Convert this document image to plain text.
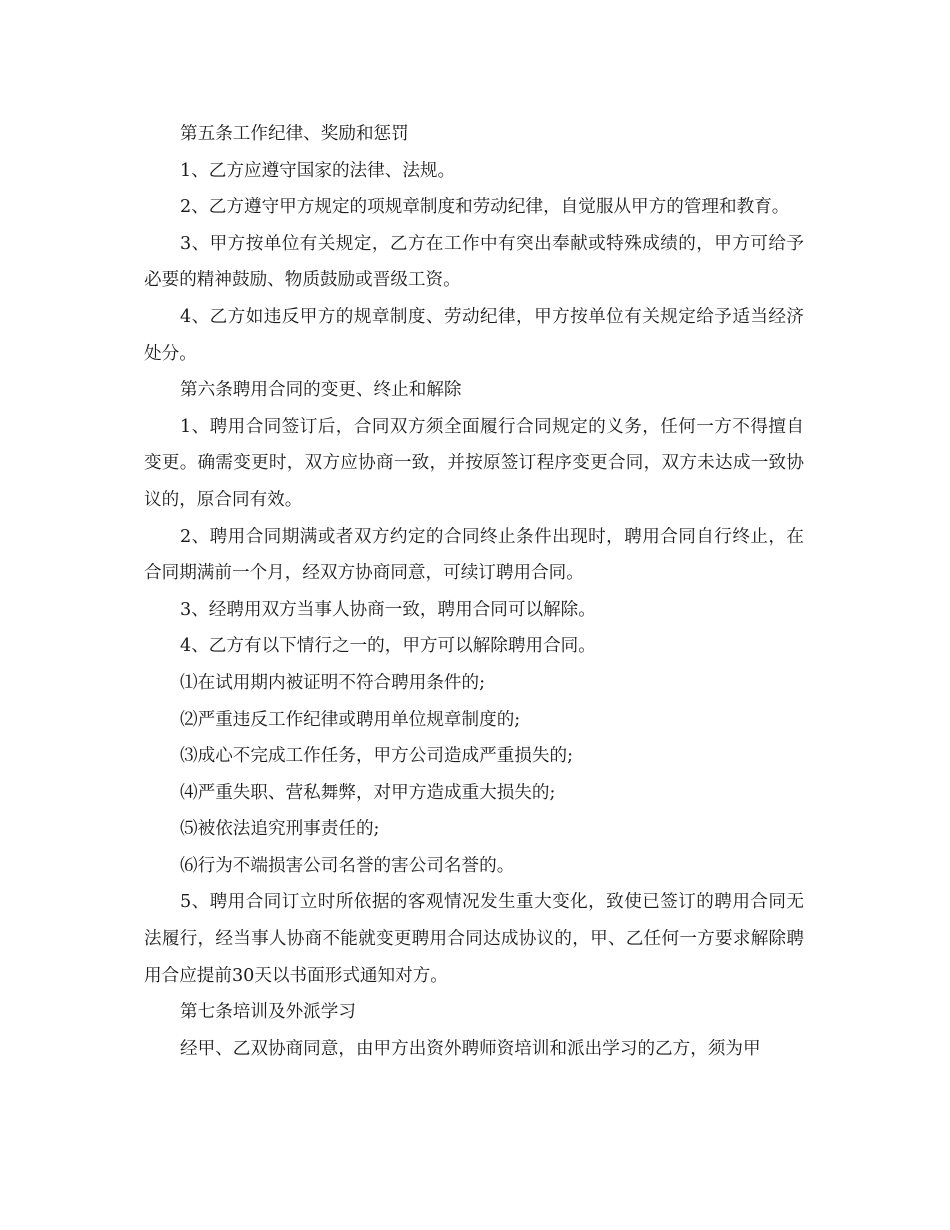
第五条工作纪律、奖励和惩罚

1、乙方应遵守国家的法律、法规。

2、乙方遵守甲方规定的项规章制度和劳动纪律，自觉服从甲方的管理和教育。

3、甲方按单位有关规定，乙方在工作中有突出奉献或特殊成绩的，甲方可给予必要的精神鼓励、物质鼓励或晋级工资。

4、乙方如违反甲方的规章制度、劳动纪律，甲方按单位有关规定给予适当经济处分。

第六条聘用合同的变更、终止和解除

1、聘用合同签订后，合同双方须全面履行合同规定的义务，任何一方不得擅自变更。确需变更时，双方应协商一致，并按原签订程序变更合同，双方未达成一致协议的，原合同有效。

2、聘用合同期满或者双方约定的合同终止条件出现时，聘用合同自行终止，在合同期满前一个月，经双方协商同意，可续订聘用合同。

3、经聘用双方当事人协商一致，聘用合同可以解除。

4、乙方有以下情行之一的，甲方可以解除聘用合同。

⑴在试用期内被证明不符合聘用条件的;

⑵严重违反工作纪律或聘用单位规章制度的;

⑶成心不完成工作任务，甲方公司造成严重损失的;

⑷严重失职、营私舞弊，对甲方造成重大损失的;

⑸被依法追究刑事责任的;

⑹行为不端损害公司名誉的害公司名誉的。

5、聘用合同订立时所依据的客观情况发生重大变化，致使已签订的聘用合同无法履行，经当事人协商不能就变更聘用合同达成协议的，甲、乙任何一方要求解除聘用合应提前30天以书面形式通知对方。

第七条培训及外派学习

经甲、乙双协商同意，由甲方出资外聘师资培训和派出学习的乙方，须为甲
